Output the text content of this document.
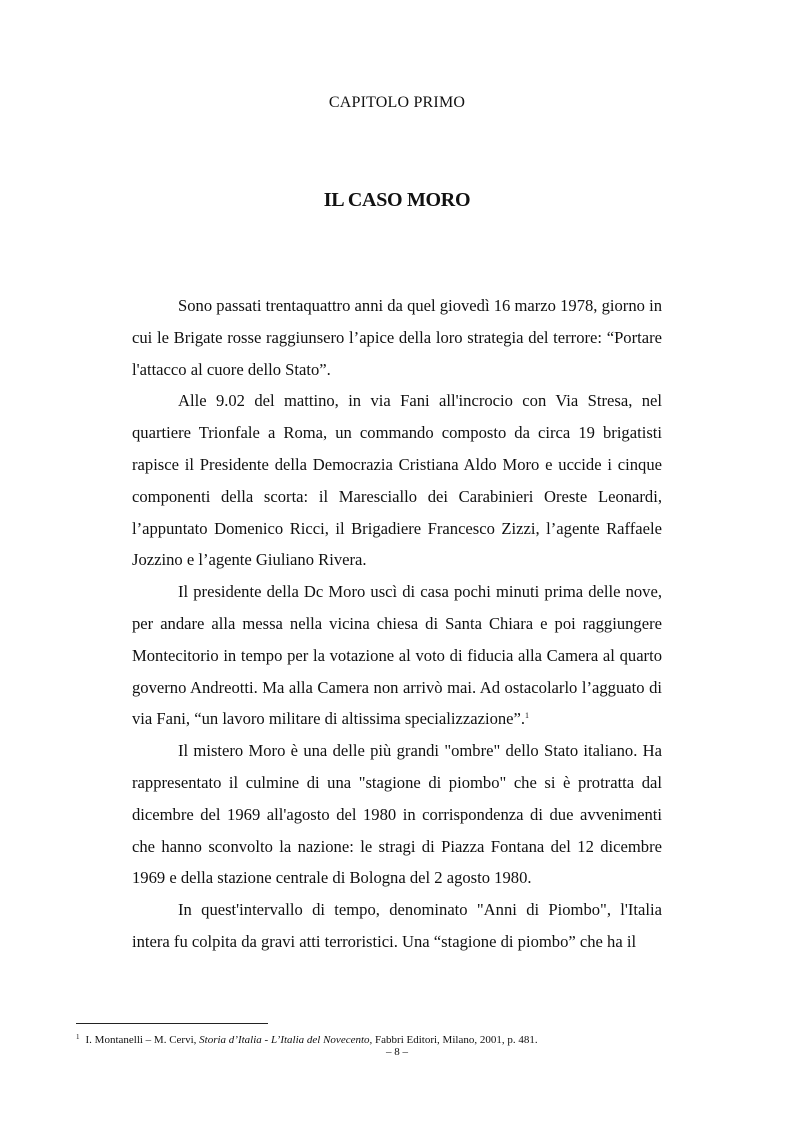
CAPITOLO PRIMO
IL CASO MORO

Sono passati trentaquattro anni da quel giovedì 16 marzo 1978, giorno in cui le Brigate rosse raggiunsero l’apice della loro strategia del terrore: “Portare l'attacco al cuore dello Stato”.

Alle 9.02 del mattino, in via Fani all'incrocio con Via Stresa, nel quartiere Trionfale a Roma, un commando composto da circa 19 brigatisti rapisce il Presidente della Democrazia Cristiana Aldo Moro e uccide i cinque componenti della scorta: il Maresciallo dei Carabinieri Oreste Leonardi, l’appuntato Domenico Ricci, il Brigadiere Francesco Zizzi, l’agente Raffaele Jozzino e l’agente Giuliano Rivera.

Il presidente della Dc Moro uscì di casa pochi minuti prima delle nove, per andare alla messa nella vicina chiesa di Santa Chiara e poi raggiungere Montecitorio in tempo per la votazione al voto di fiducia alla Camera al quarto governo Andreotti. Ma alla Camera non arrivò mai. Ad ostacolarlo l’agguato di via Fani, “un lavoro militare di altissima specializzazione”.$^1$

Il mistero Moro è una delle più grandi "ombre" dello Stato italiano. Ha rappresentato il culmine di una "stagione di piombo" che si è protratta dal dicembre del 1969 all'agosto del 1980 in corrispondenza di due avvenimenti che hanno sconvolto la nazione: le stragi di Piazza Fontana del 12 dicembre 1969 e della stazione centrale di Bologna del 2 agosto 1980.

In quest'intervallo di tempo, denominato "Anni di Piombo", l'Italia intera fu colpita da gravi atti terroristici. Una “stagione di piombo” che ha il

$^1$ I. Montanelli – M. Cervi, Storia d’Italia - L’Italia del Novecento, Fabbri Editori, Milano, 2001, p. 481.
– 8 –
